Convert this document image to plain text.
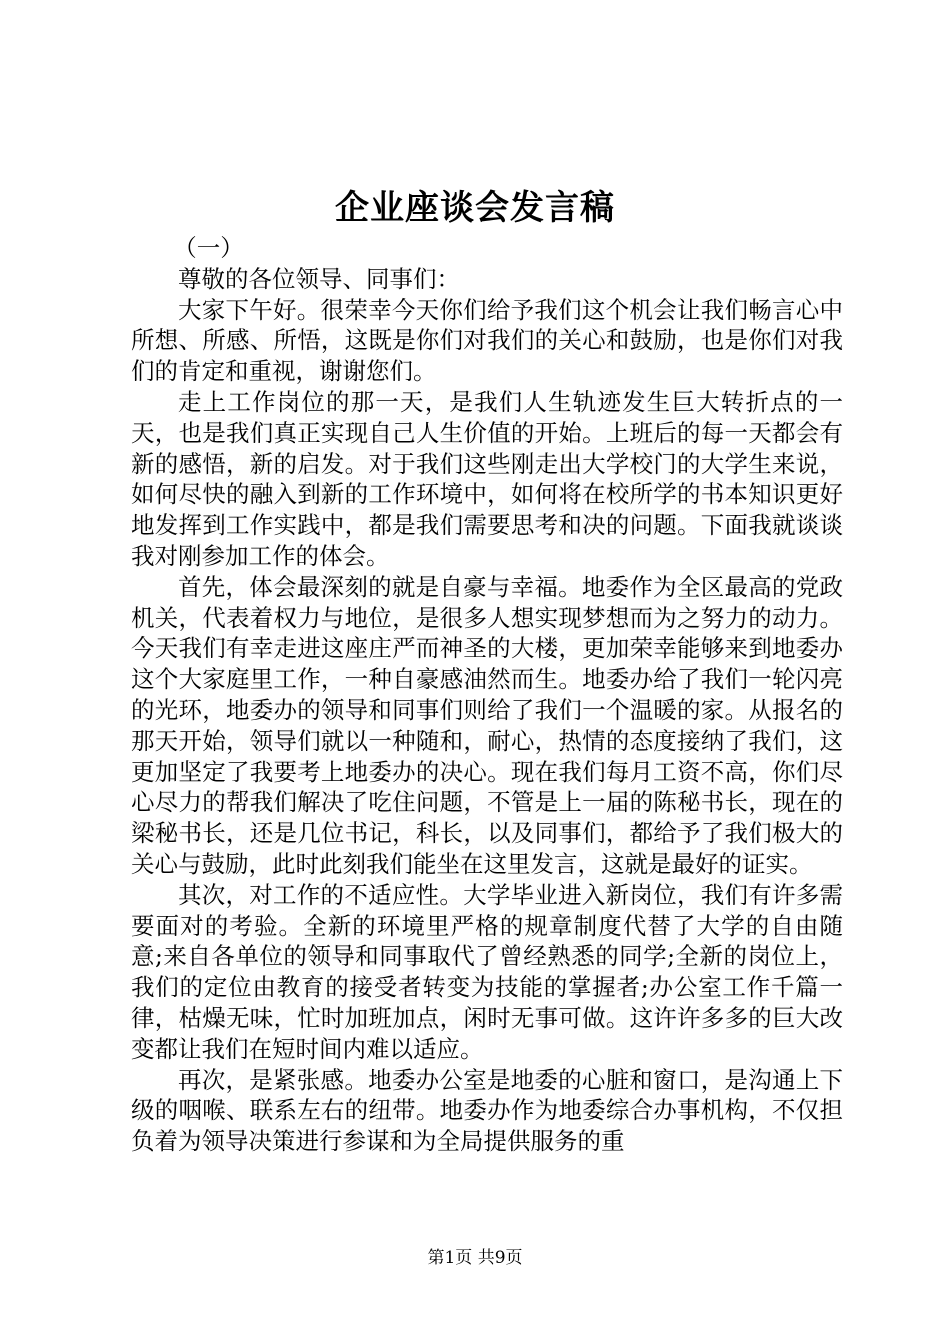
企业座谈会发言稿

（一）

尊敬的各位领导、同事们：

大家下午好。很荣幸今天你们给予我们这个机会让我们畅言心中所想、所感、所悟，这既是你们对我们的关心和鼓励，也是你们对我们的肯定和重视，谢谢您们。

走上工作岗位的那一天，是我们人生轨迹发生巨大转折点的一天，也是我们真正实现自己人生价值的开始。上班后的每一天都会有新的感悟，新的启发。对于我们这些刚走出大学校门的大学生来说，如何尽快的融入到新的工作环境中，如何将在校所学的书本知识更好地发挥到工作实践中，都是我们需要思考和决的问题。下面我就谈谈我对刚参加工作的体会。

首先，体会最深刻的就是自豪与幸福。地委作为全区最高的党政机关，代表着权力与地位，是很多人想实现梦想而为之努力的动力。今天我们有幸走进这座庄严而神圣的大楼，更加荣幸能够来到地委办这个大家庭里工作，一种自豪感油然而生。地委办给了我们一轮闪亮的光环，地委办的领导和同事们则给了我们一个温暖的家。从报名的那天开始，领导们就以一种随和，耐心，热情的态度接纳了我们，这更加坚定了我要考上地委办的决心。现在我们每月工资不高，你们尽心尽力的帮我们解决了吃住问题，不管是上一届的陈秘书长，现在的梁秘书长，还是几位书记，科长，以及同事们，都给予了我们极大的关心与鼓励，此时此刻我们能坐在这里发言，这就是最好的证实。

其次，对工作的不适应性。大学毕业进入新岗位，我们有许多需要面对的考验。全新的环境里严格的规章制度代替了大学的自由随意;来自各单位的领导和同事取代了曾经熟悉的同学;全新的岗位上，我们的定位由教育的接受者转变为技能的掌握者;办公室工作千篇一律，枯燥无味，忙时加班加点，闲时无事可做。这许许多多的巨大改变都让我们在短时间内难以适应。

再次，是紧张感。地委办公室是地委的心脏和窗口，是沟通上下级的咽喉、联系左右的纽带。地委办作为地委综合办事机构，不仅担负着为领导决策进行参谋和为全局提供服务的重

第1页 共9页
